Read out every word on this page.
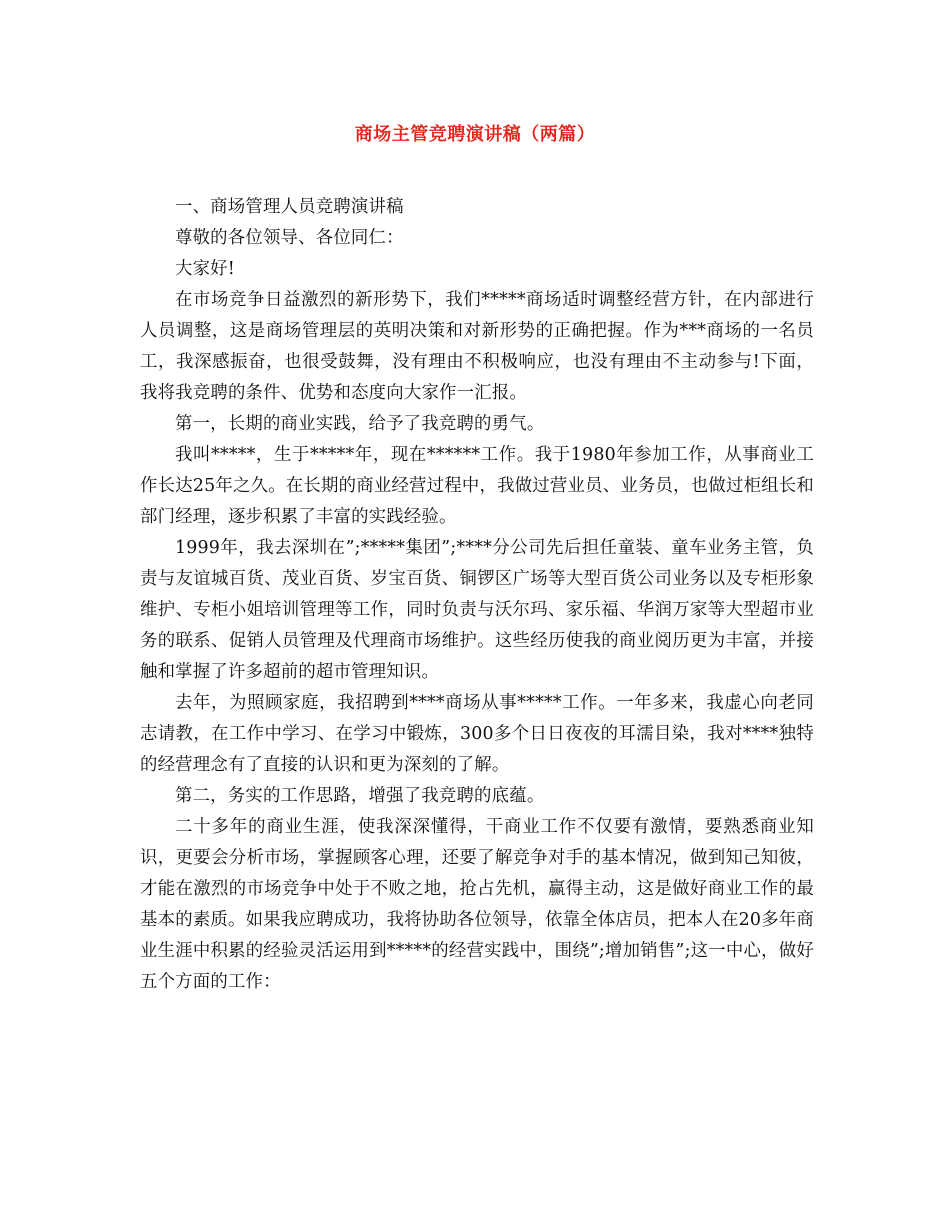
商场主管竞聘演讲稿（两篇）

一、商场管理人员竞聘演讲稿

尊敬的各位领导、各位同仁：

大家好!

在市场竞争日益激烈的新形势下，我们*****商场适时调整经营方针，在内部进行人员调整，这是商场管理层的英明决策和对新形势的正确把握。作为***商场的一名员工，我深感振奋，也很受鼓舞，没有理由不积极响应，也没有理由不主动参与!下面，我将我竞聘的条件、优势和态度向大家作一汇报。

第一，长期的商业实践，给予了我竞聘的勇气。

我叫*****，生于*****年，现在******工作。我于1980年参加工作，从事商业工作长达25年之久。在长期的商业经营过程中，我做过营业员、业务员，也做过柜组长和部门经理，逐步积累了丰富的实践经验。

1999年，我去深圳在”;*****集团”;****分公司先后担任童装、童车业务主管，负责与友谊城百货、茂业百货、岁宝百货、铜锣区广场等大型百货公司业务以及专柜形象维护、专柜小姐培训管理等工作，同时负责与沃尔玛、家乐福、华润万家等大型超市业务的联系、促销人员管理及代理商市场维护。这些经历使我的商业阅历更为丰富，并接触和掌握了许多超前的超市管理知识。

去年，为照顾家庭，我招聘到****商场从事*****工作。一年多来，我虚心向老同志请教，在工作中学习、在学习中锻炼，300多个日日夜夜的耳濡目染，我对****独特的经营理念有了直接的认识和更为深刻的了解。

第二，务实的工作思路，增强了我竞聘的底蕴。

二十多年的商业生涯，使我深深懂得，干商业工作不仅要有激情，要熟悉商业知识，更要会分析市场，掌握顾客心理，还要了解竞争对手的基本情况，做到知己知彼，才能在激烈的市场竞争中处于不败之地，抢占先机，赢得主动，这是做好商业工作的最基本的素质。如果我应聘成功，我将协助各位领导，依靠全体店员，把本人在20多年商业生涯中积累的经验灵活运用到*****的经营实践中，围绕”;增加销售”;这一中心，做好五个方面的工作：
